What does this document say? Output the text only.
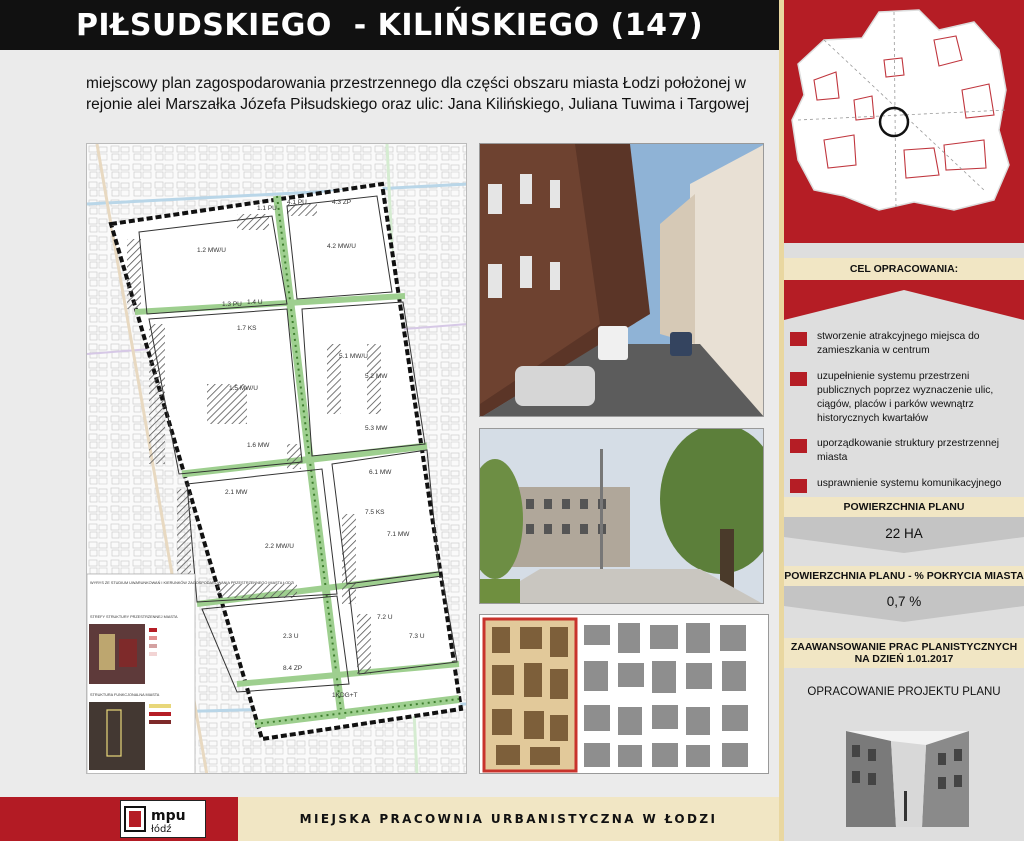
PIŁSUDSKIEGO  - KILIŃSKIEGO (147)
miejscowy plan zagospodarowania przestrzennego dla części obszaru miasta Łodzi położonej w rejonie alei Marszałka Józefa Piłsudskiego oraz ulic: Jana Kilińskiego, Juliana Tuwima i Targowej
1.1 PU
4.1 PU	4.3 ZP
1.2 MW/U
4.2 MW/U
1.3 PU 1.4 U
1.7 KS
5.1 MW/U
5.2 MW
1.5 MW/U
5.3 MW
1.6 MW
6.1 MW
2.1 MW
7.5 KS
7.1 MW
2.2 MW/U
7.2 U
7.3 U
2.3 U
8.4 ZP
1KDG+T
WYRYS ZE STUDIUM UWARUNKOWAŃ I KIERUNKÓW ZAGOSPODAROWANIA PRZESTRZENNEGO MIASTA ŁODZI
STREFY STRUKTURY PRZESTRZENNEJ MIASTA
STRUKTURA FUNKCJONALNA MIASTA
mpu
łódź
MIEJSKA PRACOWNIA URBANISTYCZNA W ŁODZI
CEL OPRACOWANIA:
stworzenie atrakcyjnego miejsca do zamieszkania w centrum
uzupełnienie systemu przestrzeni publicznych poprzez wyznaczenie ulic, ciągów, placów i parków wewnątrz historycznych kwartałów
uporządkowanie struktury przestrzennej miasta
usprawnienie systemu komunikacyjnego
POWIERZCHNIA PLANU
22 HA
POWIERZCHNIA PLANU - % POKRYCIA MIASTA
0,7 %
ZAAWANSOWANIE PRAC PLANISTYCZNYCH NA DZIEŃ 1.01.2017
OPRACOWANIE PROJEKTU PLANU
